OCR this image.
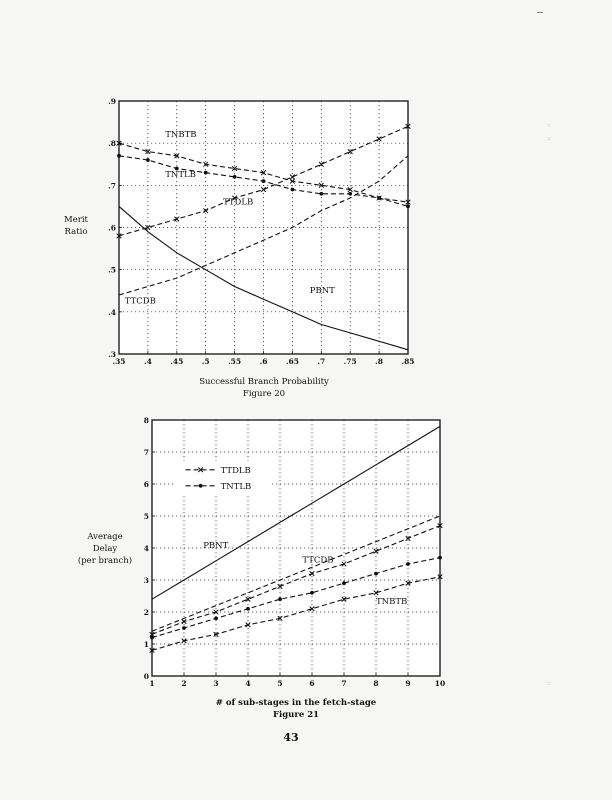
--
:
:
:
.35 .4 .45 .5 .55 .6 .65 .7 .75 .8 .85
.3
.4
.5
.6
.7
.8
.9
TNBTB
TNTLB
TTDLB
TTCDB
PBNT
Merit
Ratio
Successful Branch Probability
Figure 20
1	2	3	4	5	6	7	8	9	10
0
1
2
3
4
5
6
7
8
PBNT
TTCDB
TNBTB
TTDLB
TNTLB
Average
Delay
(per branch)
# of sub-stages in the fetch-stage
Figure 21
43
